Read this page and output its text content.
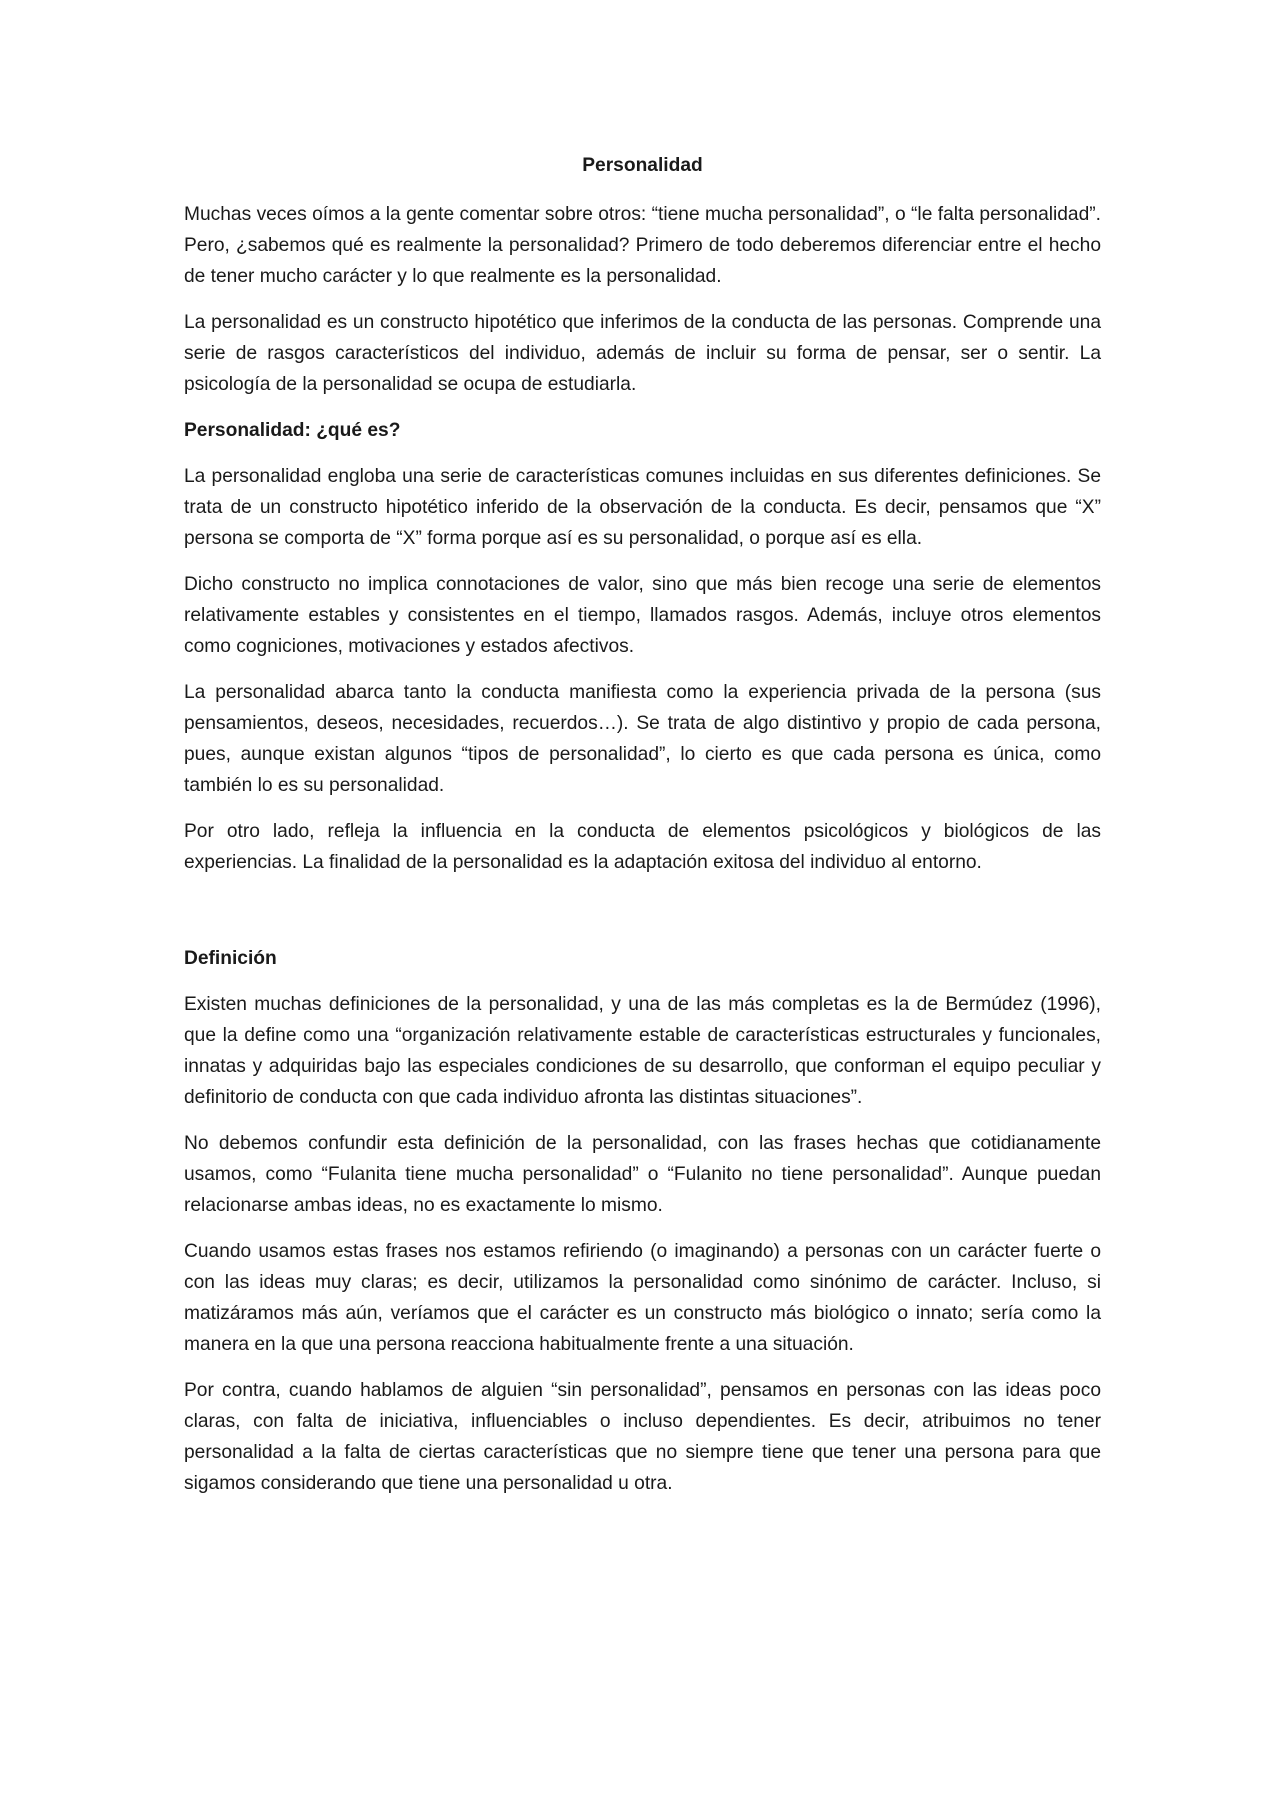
Personalidad

Muchas veces oímos a la gente comentar sobre otros: “tiene mucha personalidad”, o “le falta personalidad”. Pero, ¿sabemos qué es realmente la personalidad? Primero de todo deberemos diferenciar entre el hecho de tener mucho carácter y lo que realmente es la personalidad.

La personalidad es un constructo hipotético que inferimos de la conducta de las personas. Comprende una serie de rasgos característicos del individuo, además de incluir su forma de pensar, ser o sentir. La psicología de la personalidad se ocupa de estudiarla.

Personalidad: ¿qué es?

La personalidad engloba una serie de características comunes incluidas en sus diferentes definiciones. Se trata de un constructo hipotético inferido de la observación de la conducta. Es decir, pensamos que “X” persona se comporta de “X” forma porque así es su personalidad, o porque así es ella.

Dicho constructo no implica connotaciones de valor, sino que más bien recoge una serie de elementos relativamente estables y consistentes en el tiempo, llamados rasgos. Además, incluye otros elementos como cogniciones, motivaciones y estados afectivos.

La personalidad abarca tanto la conducta manifiesta como la experiencia privada de la persona (sus pensamientos, deseos, necesidades, recuerdos…). Se trata de algo distintivo y propio de cada persona, pues, aunque existan algunos “tipos de personalidad”, lo cierto es que cada persona es única, como también lo es su personalidad.

Por otro lado, refleja la influencia en la conducta de elementos psicológicos y biológicos de las experiencias. La finalidad de la personalidad es la adaptación exitosa del individuo al entorno.

Definición

Existen muchas definiciones de la personalidad, y una de las más completas es la de Bermúdez (1996), que la define como una “organización relativamente estable de características estructurales y funcionales, innatas y adquiridas bajo las especiales condiciones de su desarrollo, que conforman el equipo peculiar y definitorio de conducta con que cada individuo afronta las distintas situaciones”.

No debemos confundir esta definición de la personalidad, con las frases hechas que cotidianamente usamos, como “Fulanita tiene mucha personalidad” o “Fulanito no tiene personalidad”. Aunque puedan relacionarse ambas ideas, no es exactamente lo mismo.

Cuando usamos estas frases nos estamos refiriendo (o imaginando) a personas con un carácter fuerte o con las ideas muy claras; es decir, utilizamos la personalidad como sinónimo de carácter. Incluso, si matizáramos más aún, veríamos que el carácter es un constructo más biológico o innato; sería como la manera en la que una persona reacciona habitualmente frente a una situación.

Por contra, cuando hablamos de alguien “sin personalidad”, pensamos en personas con las ideas poco claras, con falta de iniciativa, influenciables o incluso dependientes. Es decir, atribuimos no tener personalidad a la falta de ciertas características que no siempre tiene que tener una persona para que sigamos considerando que tiene una personalidad u otra.
